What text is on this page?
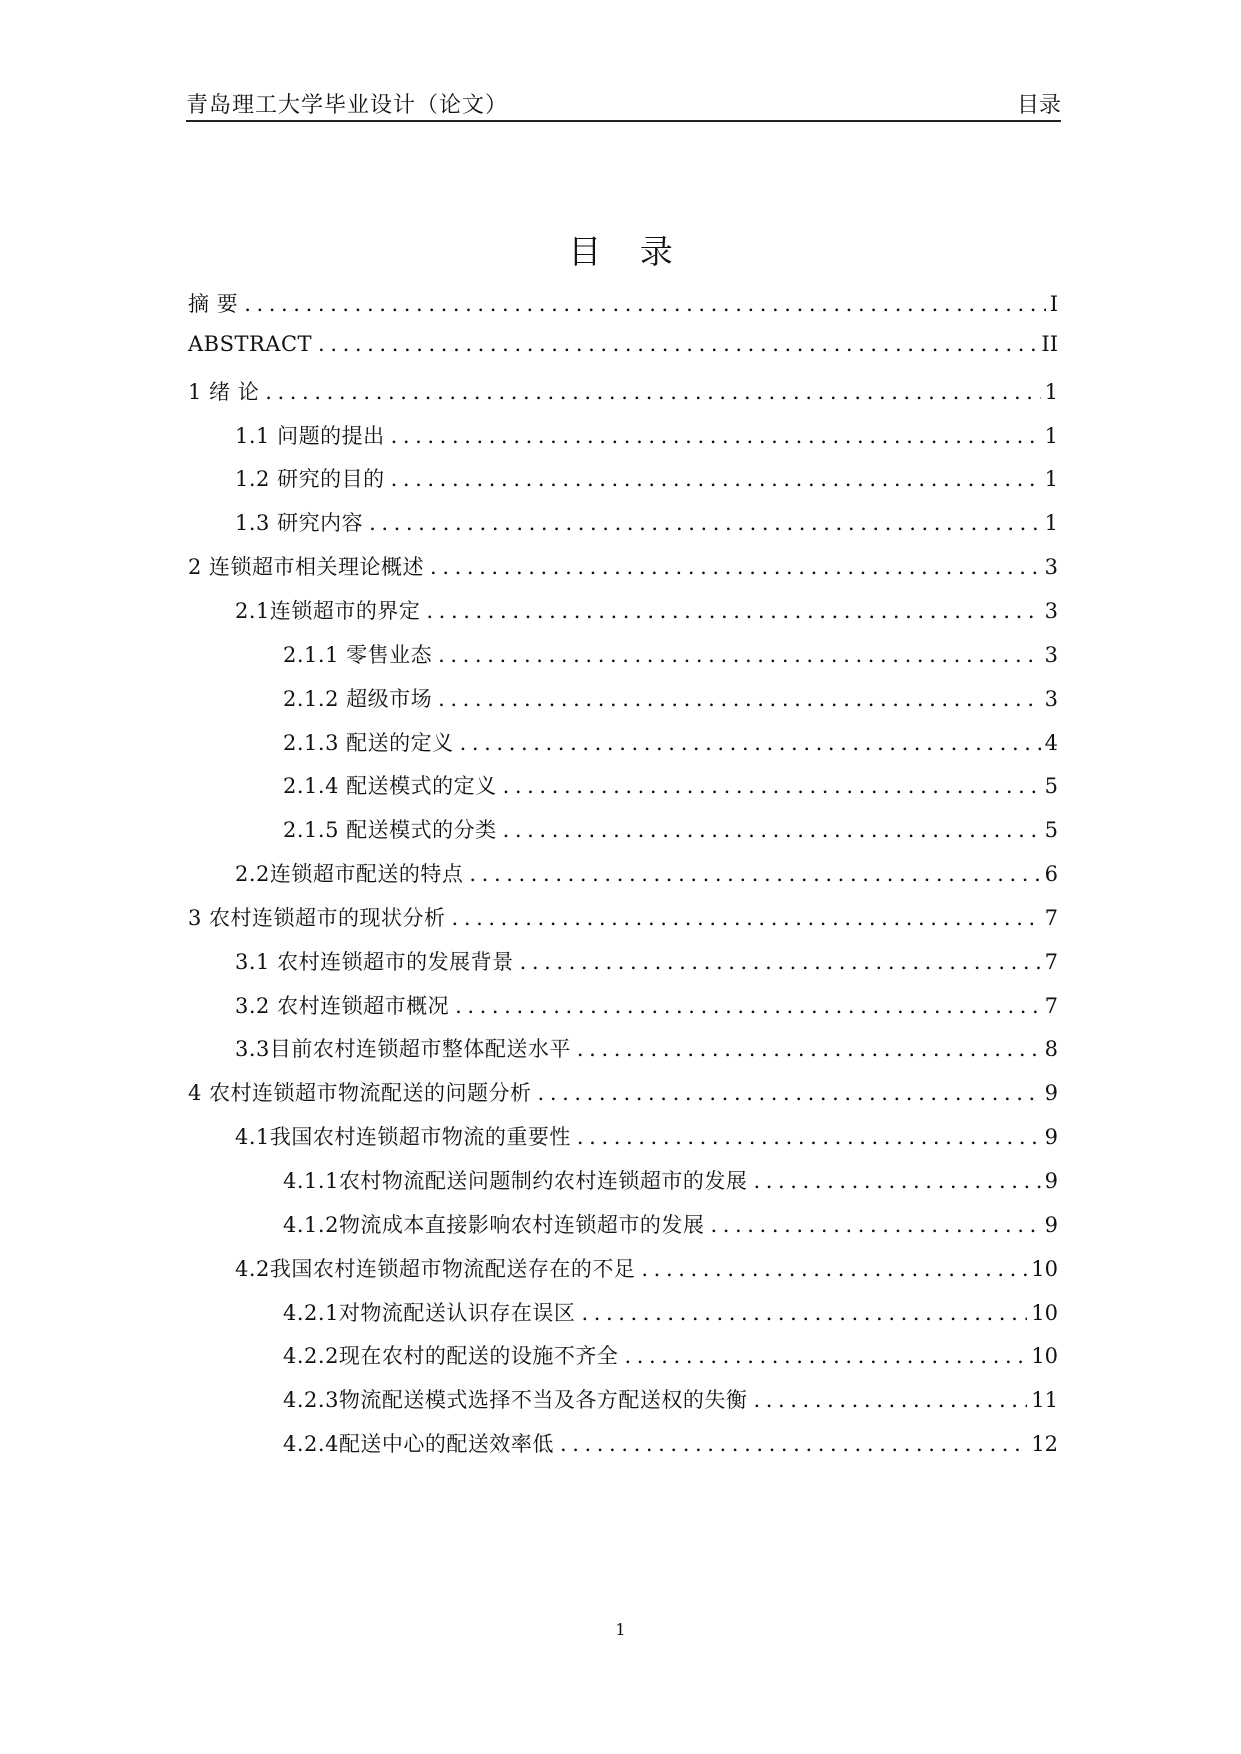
青岛理工大学毕业设计（论文）	目录
目 录
摘 要 .....	I
ABSTRACT .....	II
1 绪 论 .....	1
1.1 问题的提出 .....	1
1.2 研究的目的 .....	1
1.3 研究内容 .....	1
2 连锁超市相关理论概述 .....	3
2.1连锁超市的界定 .....	3
2.1.1 零售业态 .....	3
2.1.2 超级市场 .....	3
2.1.3 配送的定义 .....	4
2.1.4 配送模式的定义 .....	5
2.1.5 配送模式的分类 .....	5
2.2连锁超市配送的特点 .....	6
3 农村连锁超市的现状分析 .....	7
3.1 农村连锁超市的发展背景 .....	7
3.2 农村连锁超市概况 .....	7
3.3目前农村连锁超市整体配送水平 .....	8
4 农村连锁超市物流配送的问题分析 .....	9
4.1我国农村连锁超市物流的重要性 .....	9
4.1.1农村物流配送问题制约农村连锁超市的发展 .....	9
4.1.2物流成本直接影响农村连锁超市的发展 .....	9
4.2我国农村连锁超市物流配送存在的不足 .....	10
4.2.1对物流配送认识存在误区 .....	10
4.2.2现在农村的配送的设施不齐全 .....	10
4.2.3物流配送模式选择不当及各方配送权的失衡 .....	11
4.2.4配送中心的配送效率低 .....	12
1
